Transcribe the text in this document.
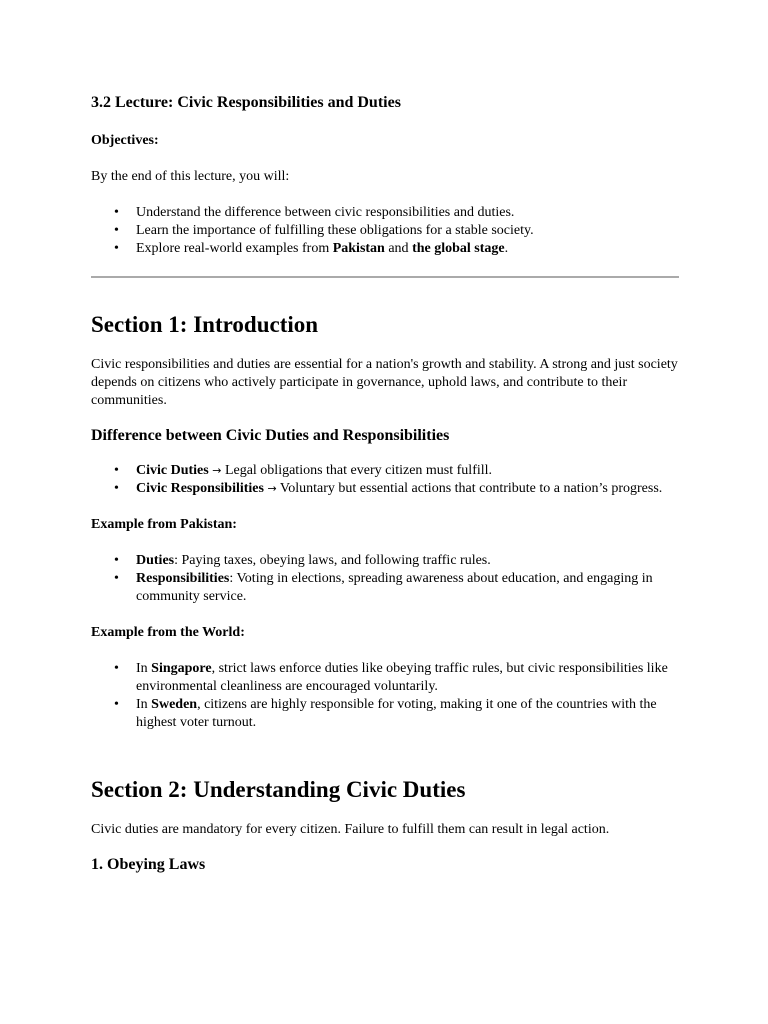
3.2 Lecture: Civic Responsibilities and Duties

Objectives:

By the end of this lecture, you will:

• Understand the difference between civic responsibilities and duties.
• Learn the importance of fulfilling these obligations for a stable society.
• Explore real-world examples from Pakistan and the global stage.
Section 1: Introduction

Civic responsibilities and duties are essential for a nation's growth and stability. A strong and just society depends on citizens who actively participate in governance, uphold laws, and contribute to their communities.

Difference between Civic Duties and Responsibilities
• Civic Duties → Legal obligations that every citizen must fulfill.
• Civic Responsibilities → Voluntary but essential actions that contribute to a nation’s progress.

Example from Pakistan:

• Duties: Paying taxes, obeying laws, and following traffic rules.
• Responsibilities: Voting in elections, spreading awareness about education, and engaging in community service.

Example from the World:

• In Singapore, strict laws enforce duties like obeying traffic rules, but civic responsibilities like environmental cleanliness are encouraged voluntarily.
• In Sweden, citizens are highly responsible for voting, making it one of the countries with the highest voter turnout.
Section 2: Understanding Civic Duties

Civic duties are mandatory for every citizen. Failure to fulfill them can result in legal action.

1. Obeying Laws
